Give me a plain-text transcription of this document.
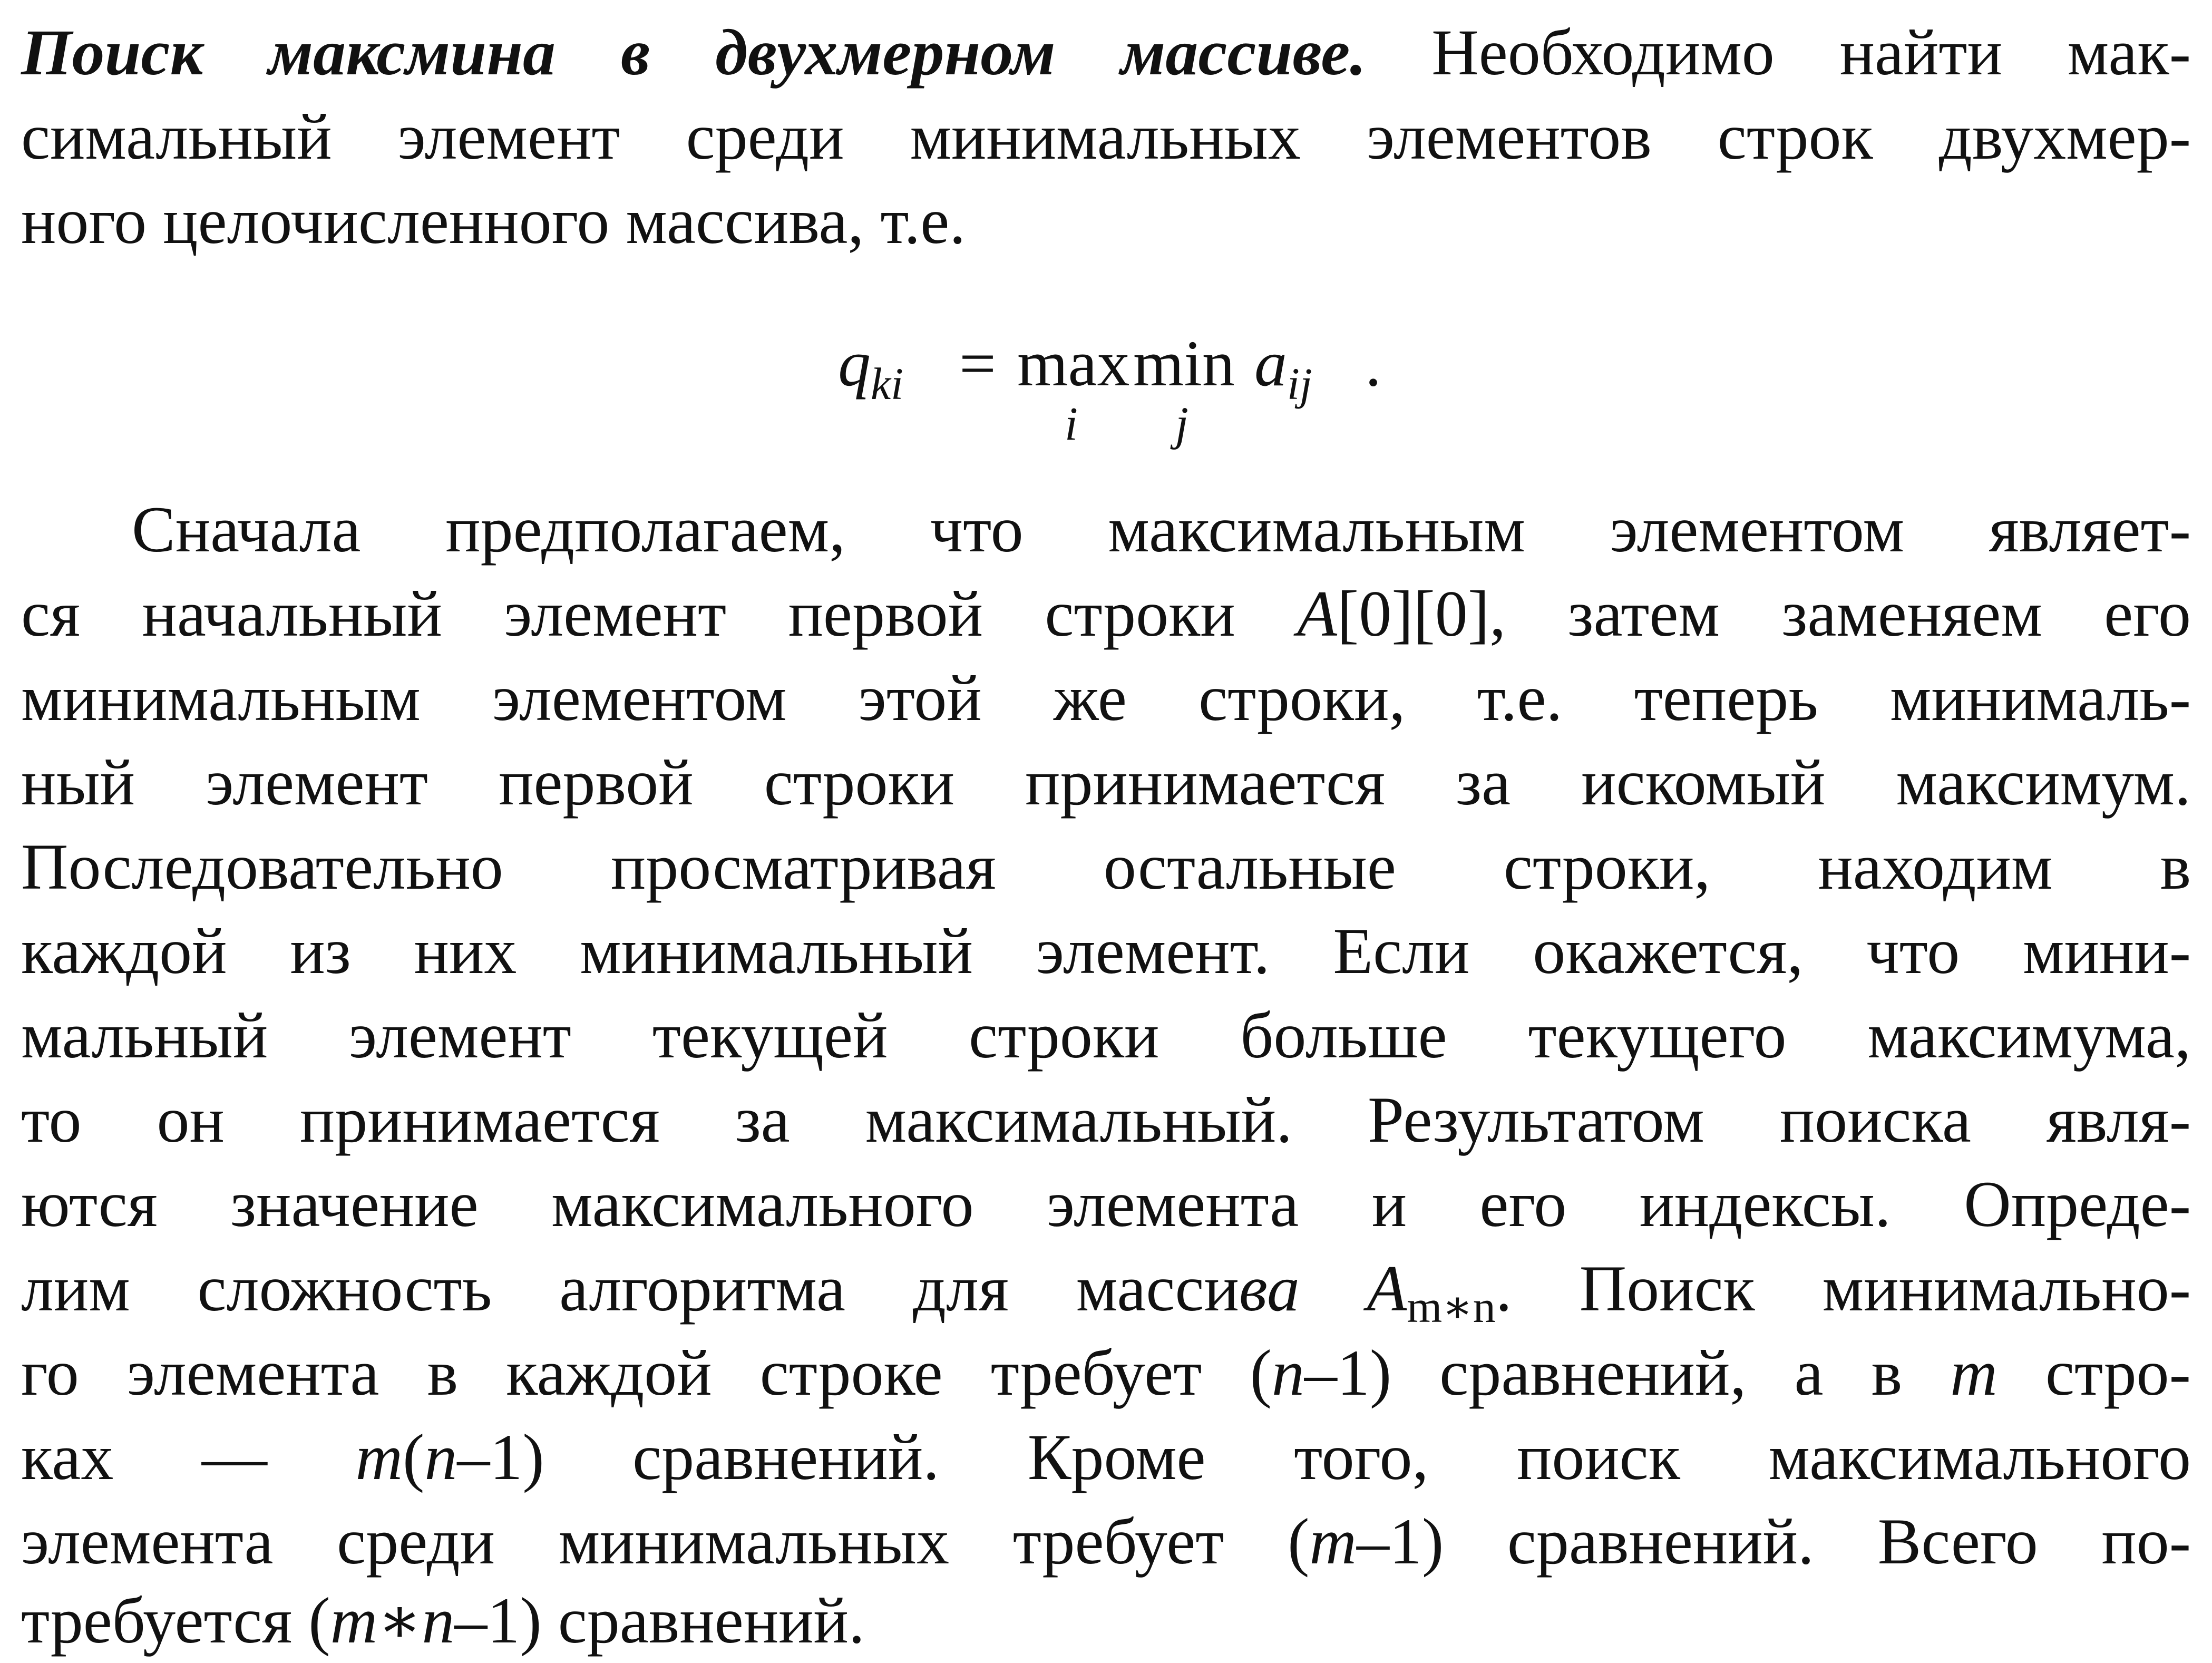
Поиск максмина в двухмерном массиве. Необходимо найти мак-
симальный элемент среди минимальных элементов строк двухмер-
ного целочисленного массива, т.е.
$q_{ki} = \max$
i
min
j
$a_{ij}$ .
Сначала предполагаем, что максимальным элементом являет-
ся начальный элемент первой строки A[0][0], затем заменяем его
минимальным элементом этой же строки, т.е. теперь минималь-
ный элемент первой строки принимается за искомый максимум.
Последовательно просматривая остальные строки, находим в
каждой из них минимальный элемент. Если окажется, что мини-
мальный элемент текущей строки больше текущего максимума,
то он принимается за максимальный. Результатом поиска явля-
ются значение максимального элемента и его индексы. Опреде-
лим сложность алгоритма для массива Am∗n. Поиск минимально-
го элемента в каждой строке требует (n–1) сравнений, а в m стро-
ках — m(n–1) сравнений. Кроме того, поиск максимального
элемента среди минимальных требует (m–1) сравнений. Всего по-
требуется (m∗n–1) сравнений.
